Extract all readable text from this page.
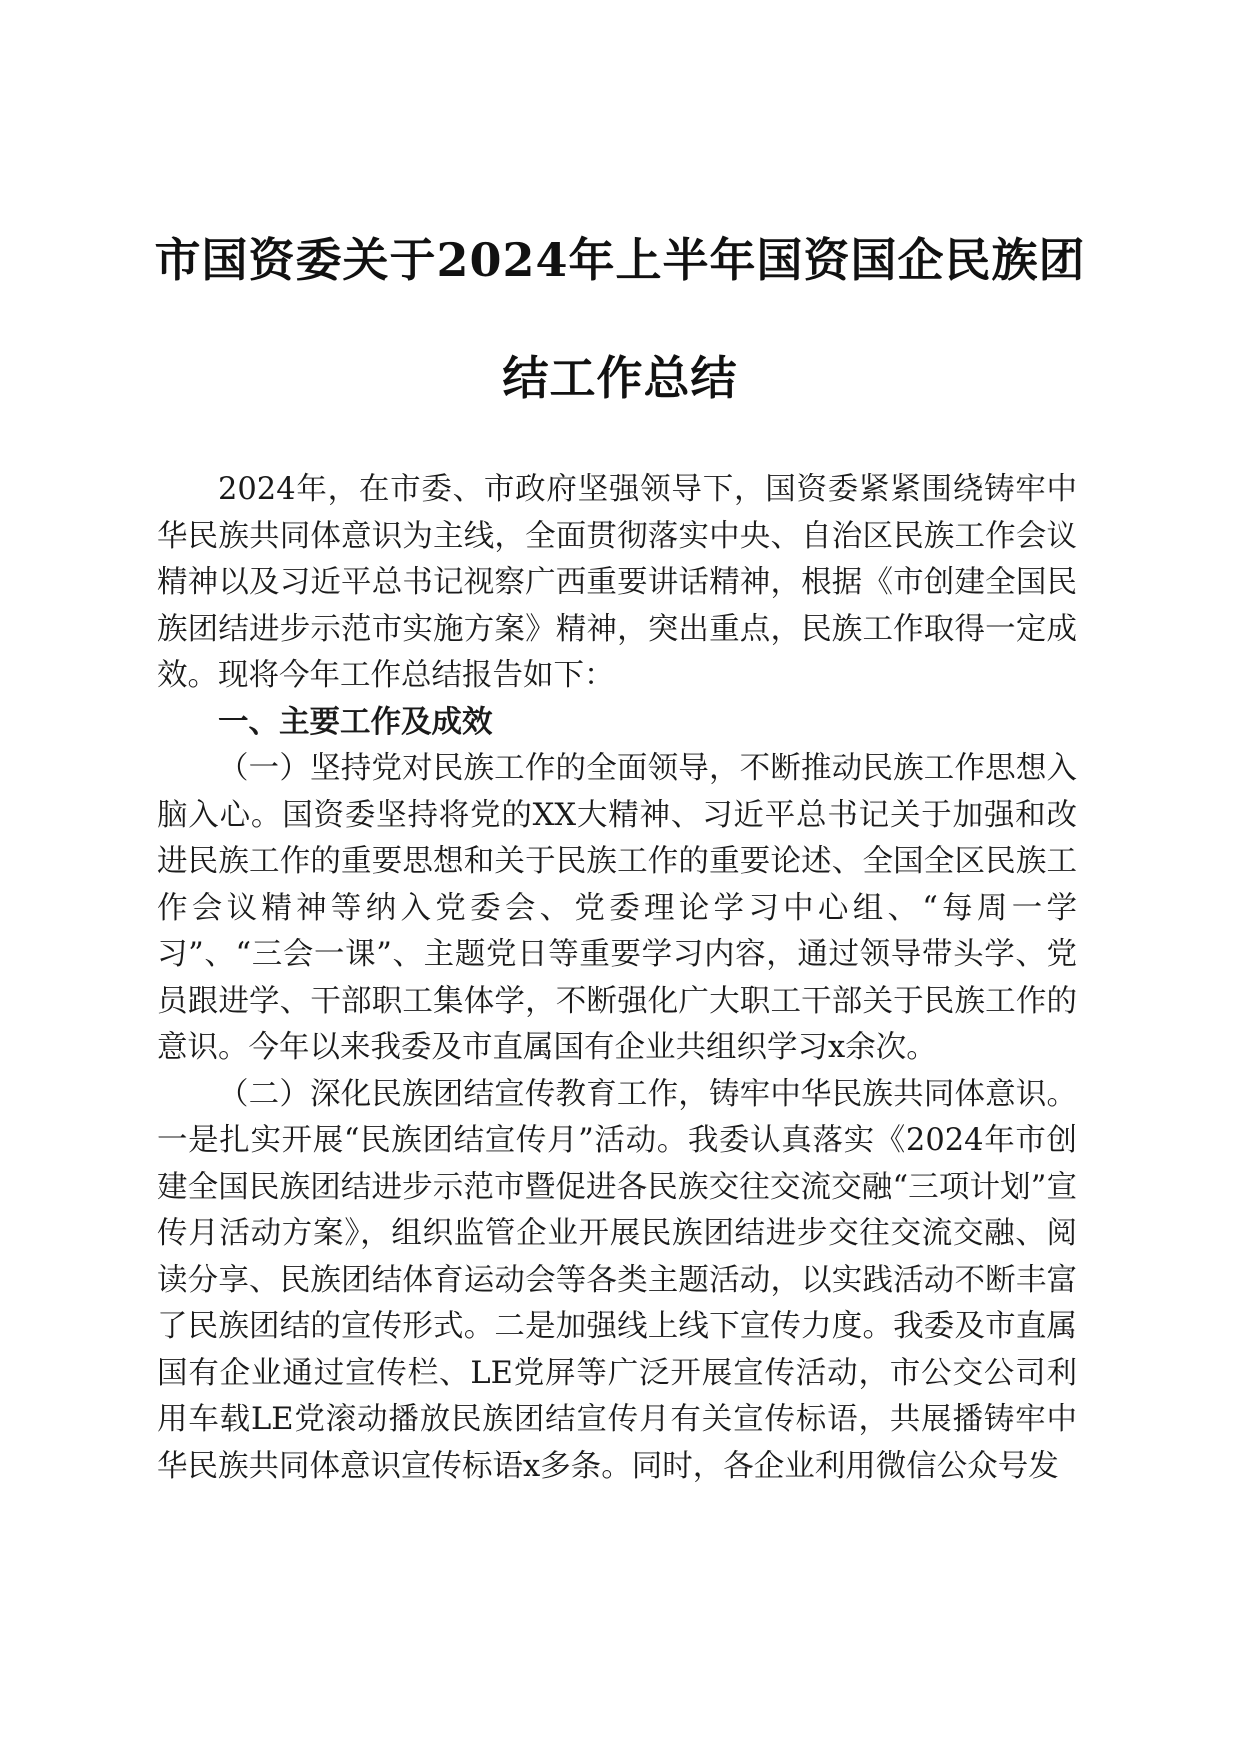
市国资委关于2024年上半年国资国企民族团
结工作总结

2024年，在市委、市政府坚强领导下，国资委紧紧围绕铸牢中华民族共同体意识为主线，全面贯彻落实中央、自治区民族工作会议精神以及习近平总书记视察广西重要讲话精神，根据《市创建全国民族团结进步示范市实施方案》精神，突出重点，民族工作取得一定成效。现将今年工作总结报告如下：

一、主要工作及成效

（一）坚持党对民族工作的全面领导，不断推动民族工作思想入脑入心。国资委坚持将党的XX大精神、习近平总书记关于加强和改进民族工作的重要思想和关于民族工作的重要论述、全国全区民族工作会议精神等纳入党委会、党委理论学习中心组、“每周一学习”、“三会一课”、主题党日等重要学习内容，通过领导带头学、党员跟进学、干部职工集体学，不断强化广大职工干部关于民族工作的意识。今年以来我委及市直属国有企业共组织学习x余次。

（二）深化民族团结宣传教育工作，铸牢中华民族共同体意识。一是扎实开展“民族团结宣传月”活动。我委认真落实《2024年市创建全国民族团结进步示范市暨促进各民族交往交流交融“三项计划”宣传月活动方案》，组织监管企业开展民族团结进步交往交流交融、阅读分享、民族团结体育运动会等各类主题活动，以实践活动不断丰富了民族团结的宣传形式。二是加强线上线下宣传力度。我委及市直属国有企业通过宣传栏、LE党屏等广泛开展宣传活动，市公交公司利用车载LE党滚动播放民族团结宣传月有关宣传标语，共展播铸牢中华民族共同体意识宣传标语x多条。同时，各企业利用微信公众号发
